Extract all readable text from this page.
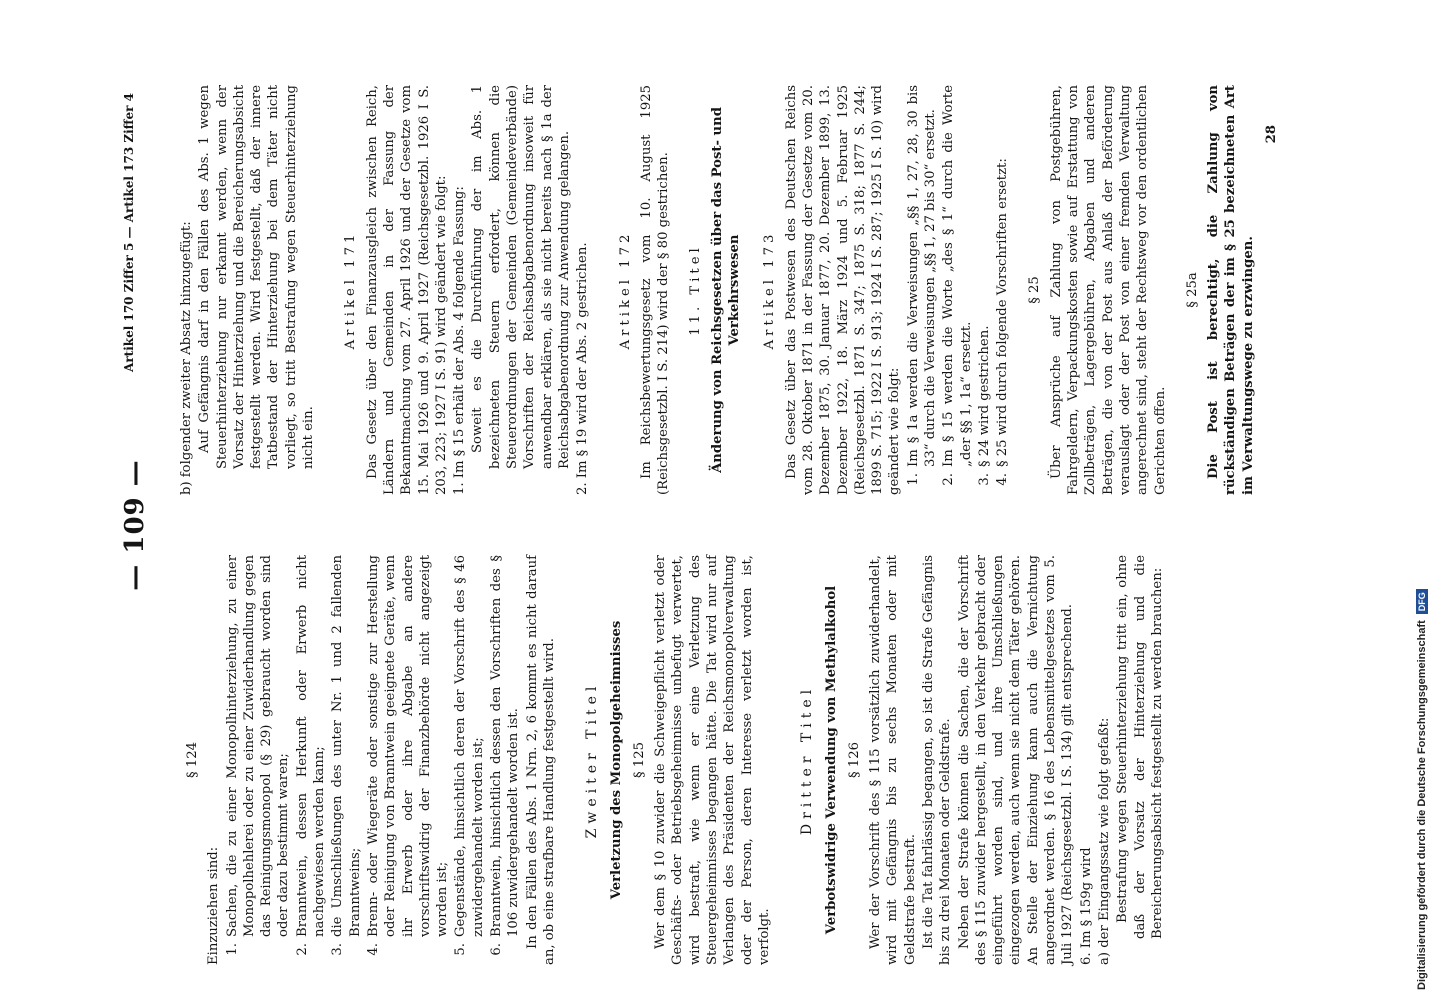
— 109 —
Artikel 170 Ziffer 5 — Artikel 173 Ziffer 4
§ 124
Einzuziehen sind: 1.
Sachen, die zu einer Monopolhinterziehung, zu einer Monopolhehlerei oder zu einer Zuwiderhandlung gegen das Reinigungsmonopol (§ 29) gebraucht worden sind oder dazu bestimmt waren;
2.
Branntwein, dessen Herkunft oder Erwerb nicht nachgewiesen werden kann;
3.
die Umschließungen des unter Nr. 1 und 2 fallenden Branntweins;
4.
Brenn- oder Wiegeräte oder sonstige zur Herstellung oder Reinigung von Branntwein geeignete Geräte, wenn ihr Erwerb oder ihre Abgabe an andere vorschriftswidrig der Finanzbehörde nicht angezeigt worden ist;
5.
Gegenstände, hinsichtlich deren der Vorschrift des § 46 zuwidergehandelt worden ist;
6.
Branntwein, hinsichtlich dessen den Vorschriften des § 106 zuwidergehandelt worden ist. In den Fällen des Abs. 1 Nrn. 2, 6 kommt es nicht darauf an, ob eine strafbare Handlung festgestellt wird. Zweiter Titel Verletzung des Monopolgeheimnisses § 125 Wer dem § 10 zuwider die Schweigepflicht verletzt oder Geschäfts- oder Betriebsgeheimnisse unbefugt verwertet, wird bestraft, wie wenn er eine Verletzung des Steuergeheimnisses begangen hätte. Die Tat wird nur auf Verlangen des Präsidenten der Reichsmonopolverwaltung oder der Person, deren Interesse verletzt worden ist, verfolgt.
Dritter Titel Verbotswidrige Verwendung von Methylalkohol § 126 Wer der Vorschrift des § 115 vorsätzlich zuwiderhandelt, wird mit Gefängnis bis zu sechs Monaten oder mit Geldstrafe bestraft. Ist die Tat fahrlässig begangen, so ist die Strafe Gefängnis bis zu drei Monaten oder Geldstrafe. Neben der Strafe können die Sachen, die der Vorschrift des § 115 zuwider hergestellt, in den Verkehr gebracht oder eingeführt worden sind, und ihre Umschließungen eingezogen werden, auch wenn sie nicht dem Täter gehören. An Stelle der Einziehung kann auch die Vernichtung angeordnet werden. § 16 des Lebensmittelgesetzes vom 5. Juli 1927 (Reichsgesetzbl. I S. 134) gilt entsprechend. 6. Im § 159g wird a) der Eingangssatz wie folgt gefaßt: Bestrafung wegen Steuerhinterziehung tritt ein, ohne daß der Vorsatz der Hinterziehung und die Bereicherungsabsicht festgestellt zu werden brauchen:
b) folgender zweiter Absatz hinzugefügt: Auf Gefängnis darf in den Fällen des Abs. 1 wegen Steuerhinterziehung nur erkannt werden, wenn der Vorsatz der Hinterziehung und die Bereicherungsabsicht festgestellt werden. Wird festgestellt, daß der innere Tatbestand der Hinterziehung bei dem Täter nicht vorliegt, so tritt Bestrafung wegen Steuerhinterziehung nicht ein.
Artikel 171 Das Gesetz über den Finanzausgleich zwischen Reich, Ländern und Gemeinden in der Fassung der Bekanntmachung vom 27. April 1926 und der Gesetze vom 15. Mai 1926 und 9. April 1927 (Reichsgesetzbl. 1926 I S. 203, 223; 1927 I S. 91) wird geändert wie folgt: 1. Im § 15 erhält der Abs. 4 folgende Fassung: Soweit es die Durchführung der im Abs. 1 bezeichneten Steuern erfordert, können die Steuerordnungen der Gemeinden (Gemeindeverbände) Vorschriften der Reichsabgabenordnung insoweit für anwendbar erklären, als sie nicht bereits nach § 1a der Reichsabgabenordnung zur Anwendung gelangen. 2. Im § 19 wird der Abs. 2 gestrichen. Artikel 172 Im Reichsbewertungsgesetz vom 10. August 1925 (Reichsgesetzbl. I S. 214) wird der § 80 gestrichen. 11. Titel Änderung von Reichsgesetzen über das Post- und Verkehrswesen Artikel 173 Das Gesetz über das Postwesen des Deutschen Reichs vom 28. Oktober 1871 in der Fassung der Gesetze vom 20. Dezember 1875, 30. Januar 1877, 20. Dezember 1899, 13. Dezember 1922, 18. März 1924 und 5. Februar 1925 (Reichsgesetzbl. 1871 S. 347; 1875 S. 318; 1877 S. 244; 1899 S. 715; 1922 I S. 913; 1924 I S. 287; 1925 I S. 10) wird geändert wie folgt: 1.
Im § 1a werden die Verweisungen „§§ 1, 27, 28, 30 bis 33“ durch die Verweisungen „§§ 1, 27 bis 30“ ersetzt.
2.
Im § 15 werden die Worte „des § 1“ durch die Worte „der §§ 1, 1a“ ersetzt.
3.
§ 24 wird gestrichen.
4.
§ 25 wird durch folgende Vorschriften ersetzt: § 25 Über Ansprüche auf Zahlung von Postgebühren, Fahrgeldern, Verpackungskosten sowie auf Erstattung von Zollbeträgen, Lagergebühren, Abgaben und anderen Beträgen, die von der Post aus Anlaß der Beförderung verauslagt oder der Post von einer fremden Verwaltung angerechnet sind, steht der Rechtsweg vor den ordentlichen Gerichten offen.
§ 25a Die Post ist berechtigt, die Zahlung von rückständigen Beträgen der im § 25 bezeichneten Art im Verwaltungswege zu erzwingen.
28
Digitalisierung gefördert durch die Deutsche Forschungsgemeinschaft
DFG
